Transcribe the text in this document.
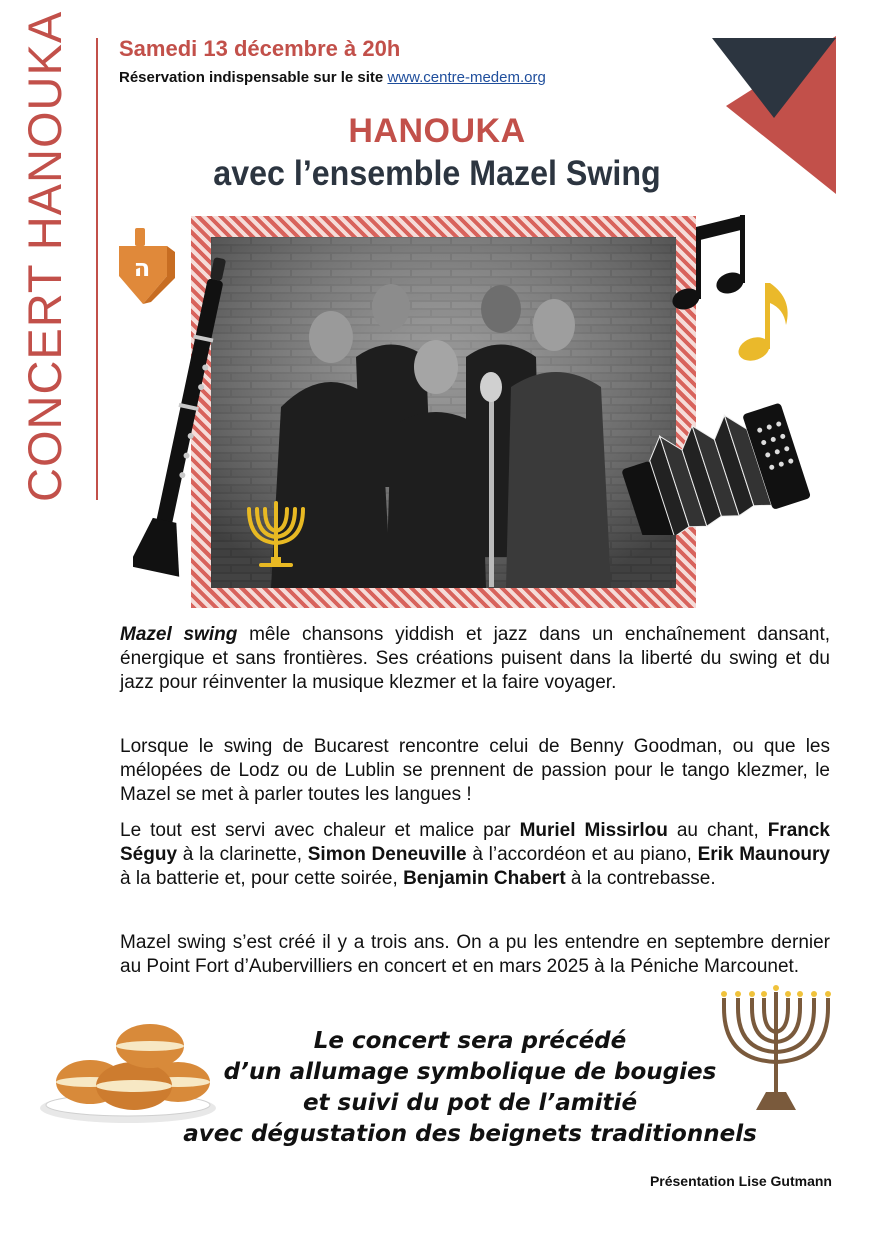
CONCERT HANOUKA Samedi 13 décembre à 20h
Réservation indispensable sur le site www.centre-medem.org
HANOUKA
avec l’ensemble Mazel Swing
ה
Mazel swing mêle chansons yiddish et jazz dans un enchaînement dansant, énergique et sans frontières. Ses créations puisent dans la liberté du swing et du jazz pour réinventer la musique klezmer et la faire voyager.
Lorsque le swing de Bucarest rencontre celui de Benny Goodman, ou que les mélopées de Lodz ou de Lublin se prennent de passion pour le tango klezmer, le Mazel se met à parler toutes les langues !
Le tout est servi avec chaleur et malice par Muriel Missirlou au chant, Franck Séguy à la clarinette, Simon Deneuville à l’accordéon et au piano, Erik Maunoury à la batterie et, pour cette soirée, Benjamin Chabert à la contrebasse.
Mazel swing s’est créé il y a trois ans. On a pu les entendre en septembre dernier au Point Fort d’Aubervilliers en concert et en mars 2025 à la Péniche Marcounet.
Le concert sera précédé
d’un allumage symbolique de bougies
et suivi du pot de l’amitié
avec dégustation des beignets traditionnels
Présentation Lise Gutmann
